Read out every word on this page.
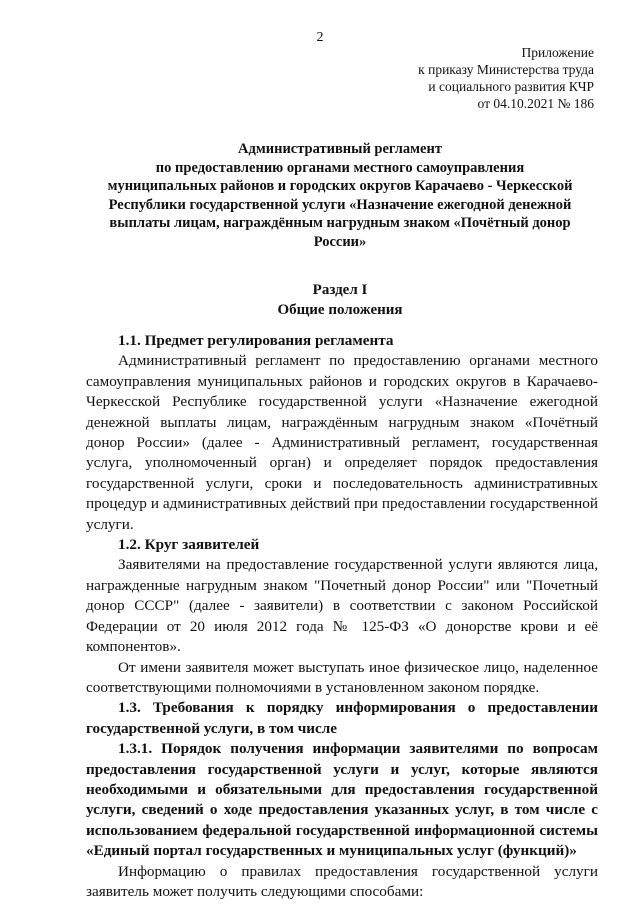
2
Приложение
к приказу Министерства труда
и социального развития КЧР
от 04.10.2021 № 186
Административный регламент
по предоставлению органами местного самоуправления
муниципальных районов и городских округов Карачаево - Черкесской
Республики государственной услуги «Назначение ежегодной денежной
выплаты лицам, награждённым нагрудным знаком «Почётный донор
России»
Раздел I
Общие положения

1.1. Предмет регулирования регламента

Административный регламент по предоставлению органами местного самоуправления муниципальных районов и городских округов в Карачаево-Черкесской Республике государственной услуги «Назначение ежегодной денежной выплаты лицам, награждённым нагрудным знаком «Почётный донор России» (далее - Административный регламент, государственная услуга, уполномоченный орган) и определяет порядок предоставления государственной услуги, сроки и последовательность административных процедур и административных действий при предоставлении государственной услуги.

1.2. Круг заявителей

Заявителями на предоставление государственной услуги являются лица, награжденные нагрудным знаком "Почетный донор России" или "Почетный донор СССР" (далее - заявители) в соответствии с законом Российской Федерации от 20 июля 2012 года № 125-ФЗ «О донорстве крови и её компонентов».

От имени заявителя может выступать иное физическое лицо, наделенное соответствующими полномочиями в установленном законом порядке.

1.3. Требования к порядку информирования о предоставлении государственной услуги, в том числе

1.3.1. Порядок получения информации заявителями по вопросам предоставления государственной услуги и услуг, которые являются необходимыми и обязательными для предоставления государственной услуги, сведений о ходе предоставления указанных услуг, в том числе с использованием федеральной государственной информационной системы «Единый портал государственных и муниципальных услуг (функций)»

Информацию о правилах предоставления государственной услуги заявитель может получить следующими способами:
